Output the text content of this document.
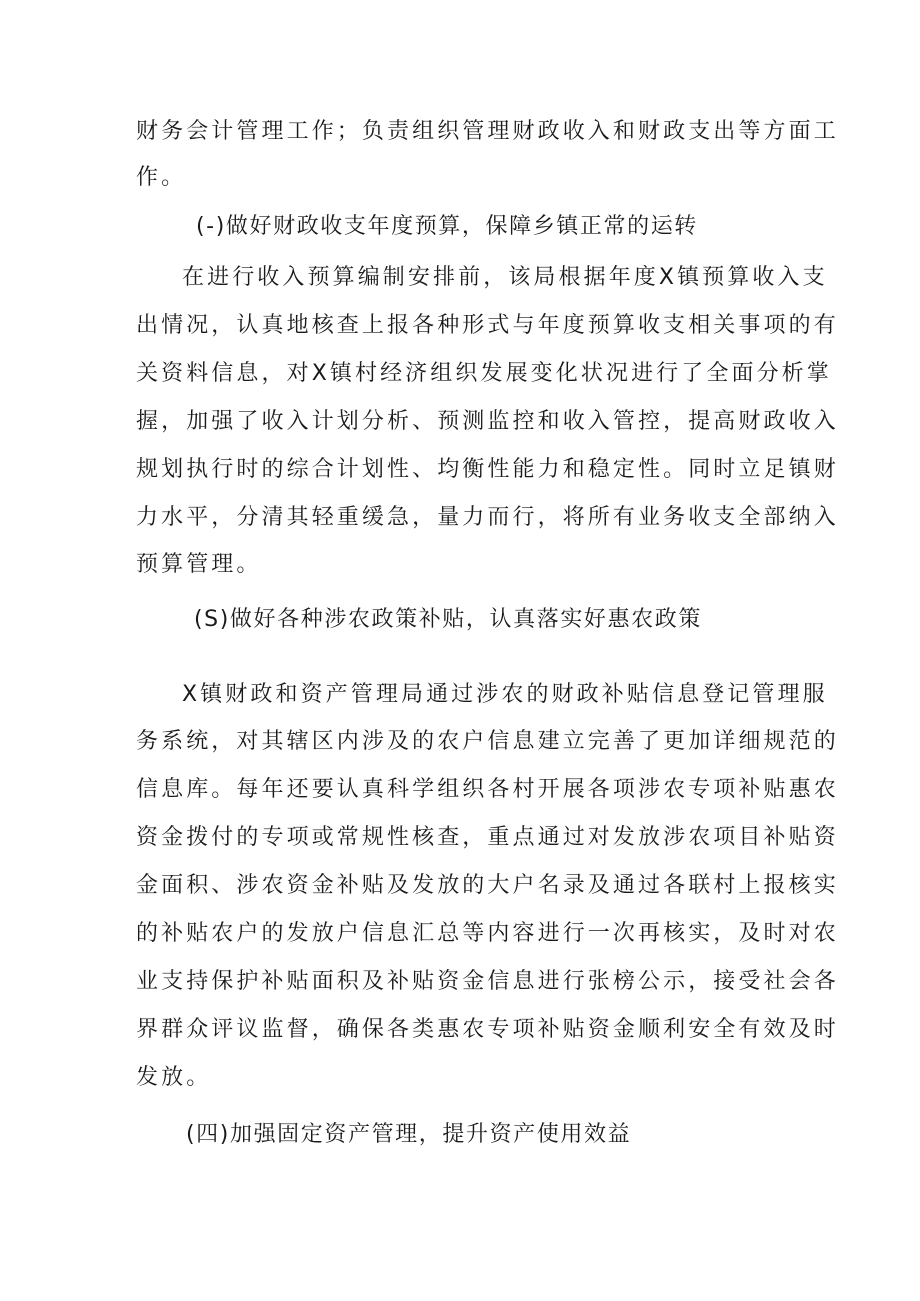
财务会计管理工作；负责组织管理财政收入和财政支出等方面工
作。
(-)做好财政收支年度预算，保障乡镇正常的运转
在进行收入预算编制安排前，该局根据年度X镇预算收入支
出情况，认真地核查上报各种形式与年度预算收支相关事项的有
关资料信息，对X镇村经济组织发展变化状况进行了全面分析掌
握，加强了收入计划分析、预测监控和收入管控，提高财政收入
规划执行时的综合计划性、均衡性能力和稳定性。同时立足镇财
力水平，分清其轻重缓急，量力而行，将所有业务收支全部纳入
预算管理。
(S)做好各种涉农政策补贴，认真落实好惠农政策
X镇财政和资产管理局通过涉农的财政补贴信息登记管理服
务系统，对其辖区内涉及的农户信息建立完善了更加详细规范的
信息库。每年还要认真科学组织各村开展各项涉农专项补贴惠农
资金拨付的专项或常规性核查，重点通过对发放涉农项目补贴资
金面积、涉农资金补贴及发放的大户名录及通过各联村上报核实
的补贴农户的发放户信息汇总等内容进行一次再核实，及时对农
业支持保护补贴面积及补贴资金信息进行张榜公示，接受社会各
界群众评议监督，确保各类惠农专项补贴资金顺利安全有效及时
发放。
(四)加强固定资产管理，提升资产使用效益
